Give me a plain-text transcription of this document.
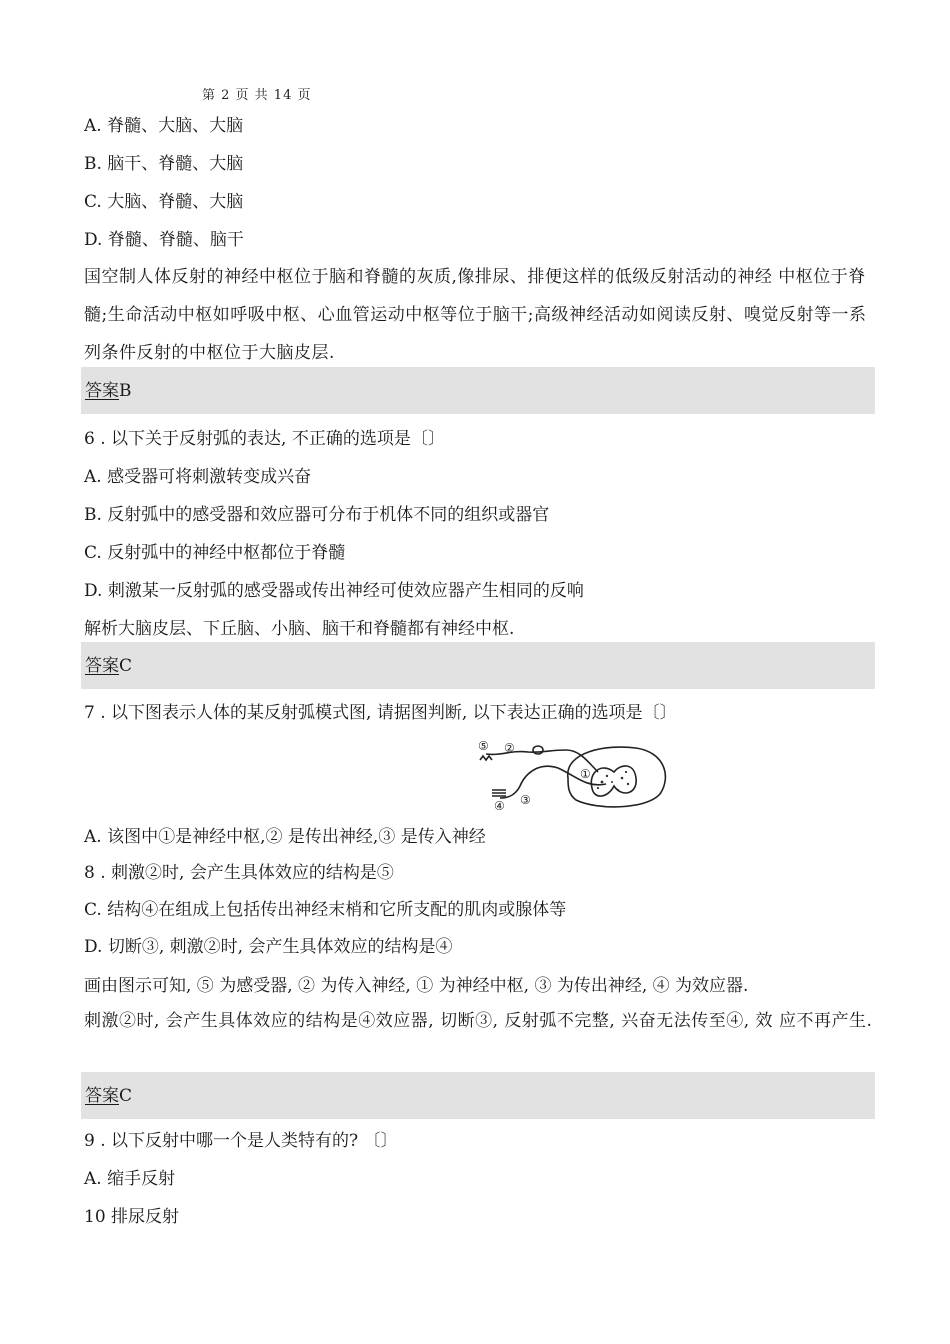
第 2 页 共 14 页
A. 脊髓、大脑、大脑
B. 脑干、脊髓、大脑
C. 大脑、脊髓、大脑
D. 脊髓、脊髓、脑干
国空制人体反射的神经中枢位于脑和脊髓的灰质,像排尿、排便这样的低级反射活动的神经 中枢位于脊髓;生命活动中枢如呼吸中枢、心血管运动中枢等位于脑干;高级神经活动如阅读反射、嗅觉反射等一系列条件反射的中枢位于大脑皮层.
答案B
6 . 以下关于反射弧的表达, 不正确的选项是〔〕
A. 感受器可将刺激转变成兴奋
B. 反射弧中的感受器和效应器可分布于机体不同的组织或器官
C. 反射弧中的神经中枢都位于脊髓
D. 刺激某一反射弧的感受器或传出神经可使效应器产生相同的反响
解析大脑皮层、下丘脑、小脑、脑干和脊髓都有神经中枢.
答案C
7 . 以下图表示人体的某反射弧模式图, 请据图判断, 以下表达正确的选项是〔〕
⑤ ②
①
③
④
A. 该图中①是神经中枢,② 是传出神经,③ 是传入神经
8 . 刺激②时, 会产生具体效应的结构是⑤
C. 结构④在组成上包括传出神经末梢和它所支配的肌肉或腺体等
D. 切断③, 刺激②时, 会产生具体效应的结构是④
画由图示可知, ⑤ 为感受器, ② 为传入神经, ① 为神经中枢, ③ 为传出神经, ④ 为效应器.
刺激②时, 会产生具体效应的结构是④效应器, 切断③, 反射弧不完整, 兴奋无法传至④, 效 应不再产生.
答案C
9 . 以下反射中哪一个是人类特有的? 〔〕
A. 缩手反射
10 排尿反射
